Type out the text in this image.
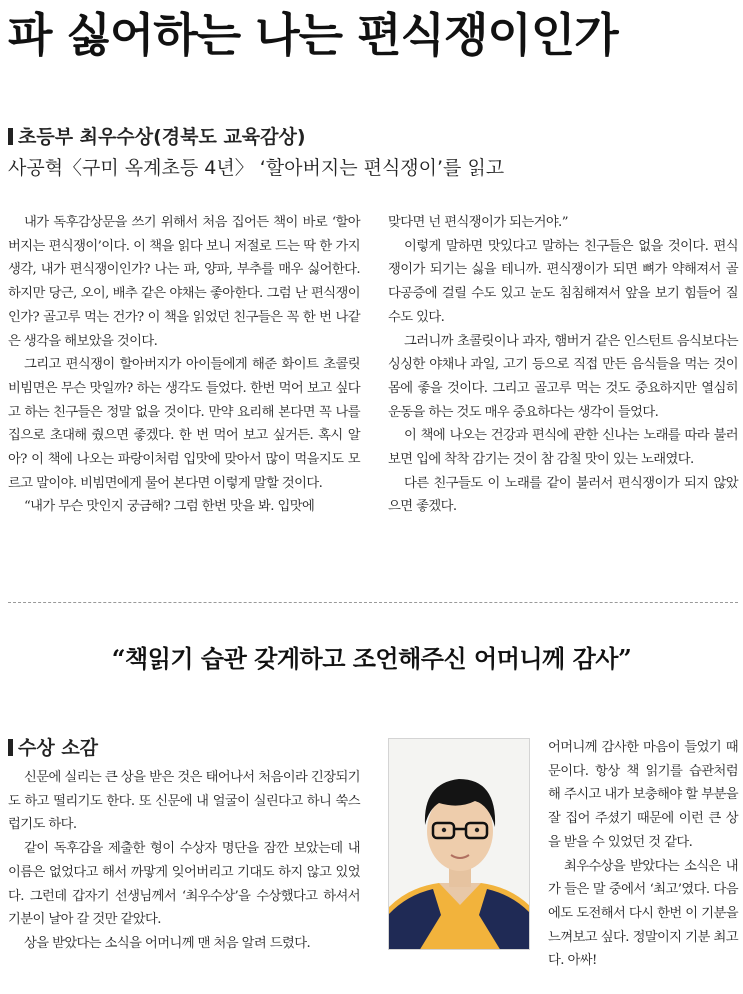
파 싫어하는 나는 편식쟁이인가
초등부 최우수상(경북도 교육감상)
사공혁〈구미 옥계초등 4년〉 ‘할아버지는 편식쟁이’를 읽고

내가 독후감상문을 쓰기 위해서 처음 집어든 책이 바로 ‘할아버지는 편식쟁이’이다. 이 책을 읽다 보니 저절로 드는 딱 한 가지 생각, 내가 편식쟁이인가? 나는 파, 양파, 부추를 매우 싫어한다. 하지만 당근, 오이, 배추 같은 야채는 좋아한다. 그럼 난 편식쟁이인가? 골고루 먹는 건가? 이 책을 읽었던 친구들은 꼭 한 번 나같은 생각을 해보았을 것이다.

그리고 편식쟁이 할아버지가 아이들에게 해준 화이트 초콜릿 비빔면은 무슨 맛일까? 하는 생각도 들었다. 한번 먹어 보고 싶다고 하는 친구들은 정말 없을 것이다. 만약 요리해 본다면 꼭 나를 집으로 초대해 줬으면 좋겠다. 한 번 먹어 보고 싶거든. 혹시 알아? 이 책에 나오는 파랑이처럼 입맛에 맞아서 많이 먹을지도 모르고 말이야. 비빔면에게 물어 본다면 이렇게 말할 것이다.

“내가 무슨 맛인지 궁금해? 그럼 한번 맛을 봐. 입맛에

맞다면 넌 편식쟁이가 되는거야.”

이렇게 말하면 맛있다고 말하는 친구들은 없을 것이다. 편식쟁이가 되기는 싫을 테니까. 편식쟁이가 되면 뼈가 약해져서 골다공증에 걸릴 수도 있고 눈도 침침해져서 앞을 보기 힘들어 질 수도 있다.

그러니까 초콜릿이나 과자, 햄버거 같은 인스턴트 음식보다는 싱싱한 야채나 과일, 고기 등으로 직접 만든 음식들을 먹는 것이 몸에 좋을 것이다. 그리고 골고루 먹는 것도 중요하지만 열심히 운동을 하는 것도 매우 중요하다는 생각이 들었다.

이 책에 나오는 건강과 편식에 관한 신나는 노래를 따라 불러보면 입에 착착 감기는 것이 참 감칠 맛이 있는 노래였다.

다른 친구들도 이 노래를 같이 불러서 편식쟁이가 되지 않았으면 좋겠다.

“책읽기 습관 갖게하고 조언해주신 어머니께 감사”
수상 소감

신문에 실리는 큰 상을 받은 것은 태어나서 처음이라 긴장되기도 하고 떨리기도 한다. 또 신문에 내 얼굴이 실린다고 하니 쑥스럽기도 하다.

같이 독후감을 제출한 형이 수상자 명단을 잠깐 보았는데 내 이름은 없었다고 해서 까맣게 잊어버리고 기대도 하지 않고 있었다. 그런데 갑자기 선생님께서 ‘최우수상’을 수상했다고 하셔서 기분이 날아 갈 것만 같았다.

상을 받았다는 소식을 어머니께 맨 처음 알려 드렸다.

어머니께 감사한 마음이 들었기 때문이다. 항상 책 읽기를 습관처럼 해 주시고 내가 보충해야 할 부분을 잘 집어 주셨기 때문에 이런 큰 상을 받을 수 있었던 것 같다.

최우수상을 받았다는 소식은 내가 들은 말 중에서 ‘최고’였다. 다음에도 도전해서 다시 한번 이 기분을 느껴보고 싶다. 정말이지 기분 최고다. 아싸!
